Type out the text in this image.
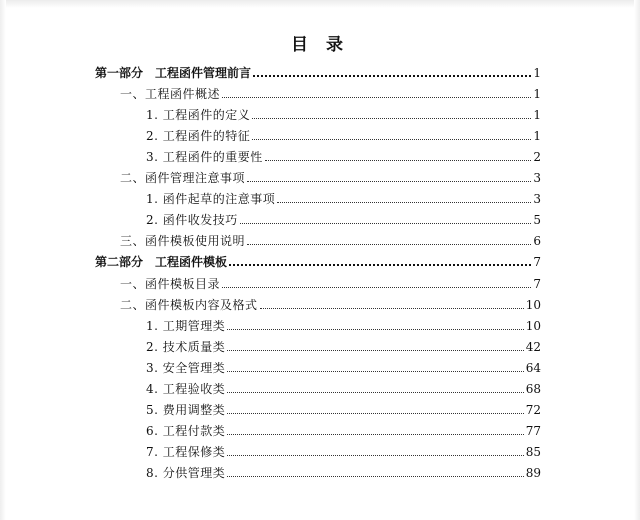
目 录
第一部分　工程函件管理前言	1
一、工程函件概述	1
1. 工程函件的定义	1
2. 工程函件的特征	1
3. 工程函件的重要性	2
二、函件管理注意事项	3
1. 函件起草的注意事项	3
2. 函件收发技巧	5
三、函件模板使用说明	6
第二部分　工程函件模板	7
一、函件模板目录	7
二、函件模板内容及格式	10
1. 工期管理类	10
2. 技术质量类	42
3. 安全管理类	64
4. 工程验收类	68
5. 费用调整类	72
6. 工程付款类	77
7. 工程保修类	85
8. 分供管理类	89
